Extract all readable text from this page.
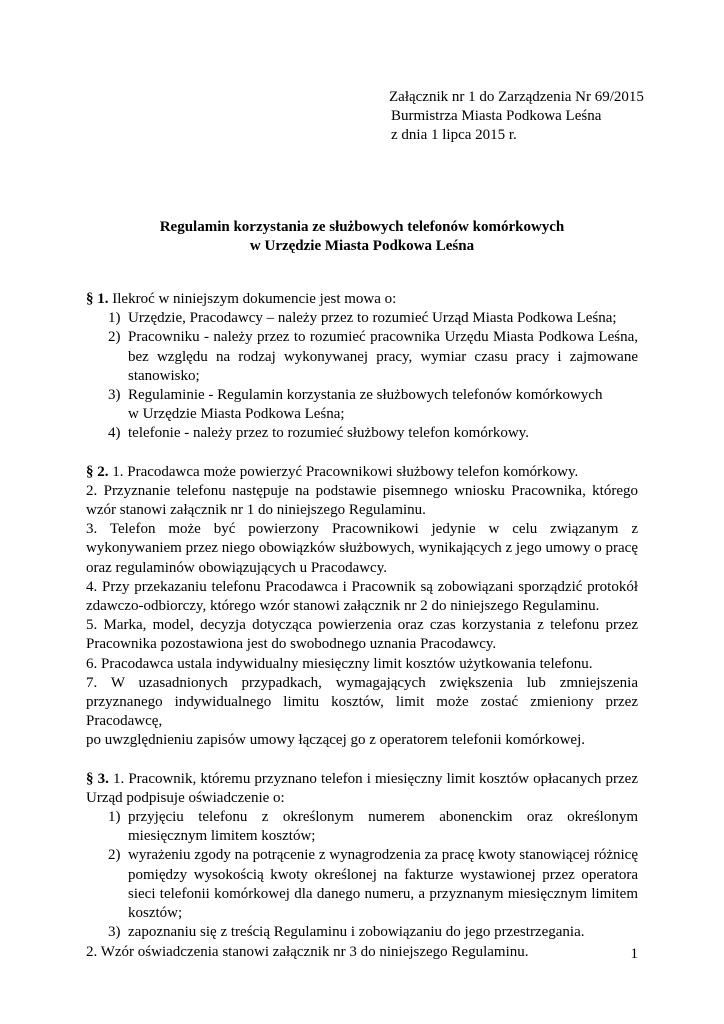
Załącznik nr 1 do Zarządzenia Nr 69/2015
Burmistrza Miasta Podkowa Leśna
z dnia 1 lipca 2015 r.
Regulamin korzystania ze służbowych telefonów komórkowych
w Urzędzie Miasta Podkowa Leśna

§ 1. Ilekroć w niniejszym dokumencie jest mowa o:

1) Urzędzie, Pracodawcy – należy przez to rozumieć Urząd Miasta Podkowa Leśna;
2) Pracowniku - należy przez to rozumieć pracownika Urzędu Miasta Podkowa Leśna, bez względu na rodzaj wykonywanej pracy, wymiar czasu pracy i zajmowane stanowisko;
3) Regulaminie - Regulamin korzystania ze służbowych telefonów komórkowych
w Urzędzie Miasta Podkowa Leśna;
4) telefonie - należy przez to rozumieć służbowy telefon komórkowy.

§ 2. 1. Pracodawca może powierzyć Pracownikowi służbowy telefon komórkowy.

2. Przyznanie telefonu następuje na podstawie pisemnego wniosku Pracownika, którego wzór stanowi załącznik nr 1 do niniejszego Regulaminu.

3. Telefon może być powierzony Pracownikowi jedynie w celu związanym z wykonywaniem przez niego obowiązków służbowych, wynikających z jego umowy o pracę oraz regulaminów obowiązujących u Pracodawcy.

4. Przy przekazaniu telefonu Pracodawca i Pracownik są zobowiązani sporządzić protokół zdawczo-odbiorczy, którego wzór stanowi załącznik nr 2 do niniejszego Regulaminu.

5. Marka, model, decyzja dotycząca powierzenia oraz czas korzystania z telefonu przez Pracownika pozostawiona jest do swobodnego uznania Pracodawcy.

6. Pracodawca ustala indywidualny miesięczny limit kosztów użytkowania telefonu.

7. W uzasadnionych przypadkach, wymagających zwiększenia lub zmniejszenia przyznanego indywidualnego limitu kosztów, limit może zostać zmieniony przez Pracodawcę,

po uwzględnieniu zapisów umowy łączącej go z operatorem telefonii komórkowej.

§ 3. 1. Pracownik, któremu przyznano telefon i miesięczny limit kosztów opłacanych przez Urząd podpisuje oświadczenie o:

1) przyjęciu telefonu z określonym numerem abonenckim oraz określonym miesięcznym limitem kosztów;
2) wyrażeniu zgody na potrącenie z wynagrodzenia za pracę kwoty stanowiącej różnicę pomiędzy wysokością kwoty określonej na fakturze wystawionej przez operatora sieci telefonii komórkowej dla danego numeru, a przyznanym miesięcznym limitem kosztów;
3) zapoznaniu się z treścią Regulaminu i zobowiązaniu do jego przestrzegania.

2. Wzór oświadczenia stanowi załącznik nr 3 do niniejszego Regulaminu.	1
